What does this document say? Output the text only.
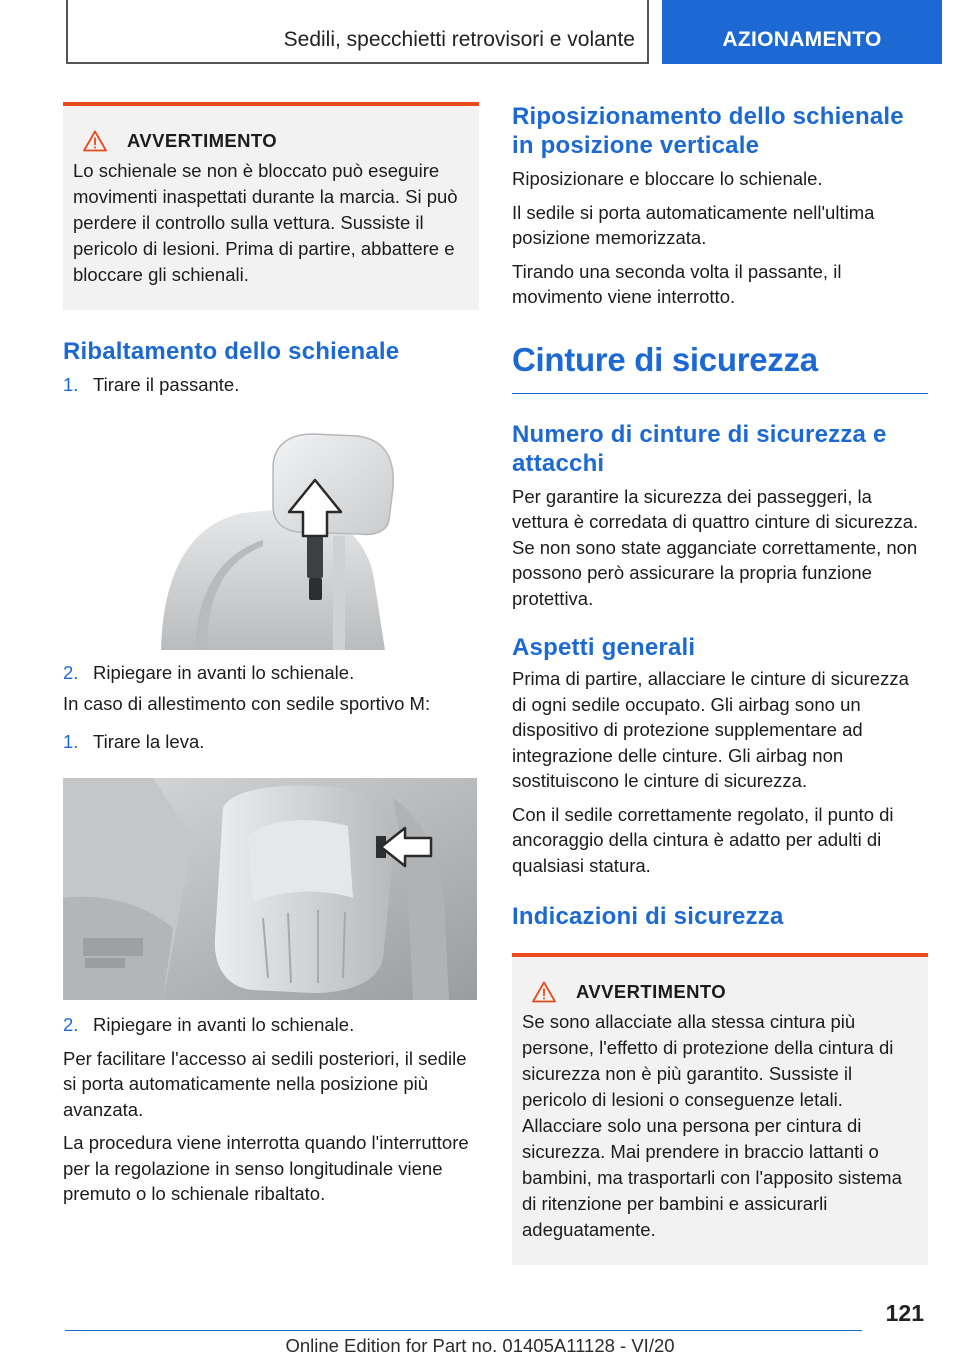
Sedili, specchietti retrovisori e volante	AZIONAMENTO
AVVERTIMENTO
Lo schienale se non è bloccato può eseguire movimenti inaspettati durante la marcia. Si può perdere il controllo sulla vettura. Sussiste il pericolo di lesioni. Prima di partire, abbattere e bloccare gli schienali.
Ribaltamento dello schienale
1. Tirare il passante.
2. Ripiegare in avanti lo schienale.

In caso di allestimento con sedile sportivo M:

1. Tirare la leva.
2. Ripiegare in avanti lo schienale.

Per facilitare l'accesso ai sedili posteriori, il sedile si porta automaticamente nella posizione più avanzata.

La procedura viene interrotta quando l'interruttore per la regolazione in senso longitudinale viene premuto o lo schienale ribaltato.

Riposizionamento dello schienale in posizione verticale

Riposizionare e bloccare lo schienale.

Il sedile si porta automaticamente nell'ultima posizione memorizzata.

Tirando una seconda volta il passante, il movimento viene interrotto.

Cinture di sicurezza
Numero di cinture di sicurezza e attacchi

Per garantire la sicurezza dei passeggeri, la vettura è corredata di quattro cinture di sicurezza. Se non sono state agganciate correttamente, non possono però assicurare la propria funzione protettiva.

Aspetti generali

Prima di partire, allacciare le cinture di sicurezza di ogni sedile occupato. Gli airbag sono un dispositivo di protezione supplementare ad integrazione delle cinture. Gli airbag non sostituiscono le cinture di sicurezza.

Con il sedile correttamente regolato, il punto di ancoraggio della cintura è adatto per adulti di qualsiasi statura.

Indicazioni di sicurezza
AVVERTIMENTO
Se sono allacciate alla stessa cintura più persone, l'effetto di protezione della cintura di sicurezza non è più garantito. Sussiste il pericolo di lesioni o conseguenze letali. Allacciare solo una persona per cintura di sicurezza. Mai prendere in braccio lattanti o bambini, ma trasportarli con l'apposito sistema di ritenzione per bambini e assicurarli adeguatamente.
121
Online Edition for Part no. 01405A11128 - VI/20
